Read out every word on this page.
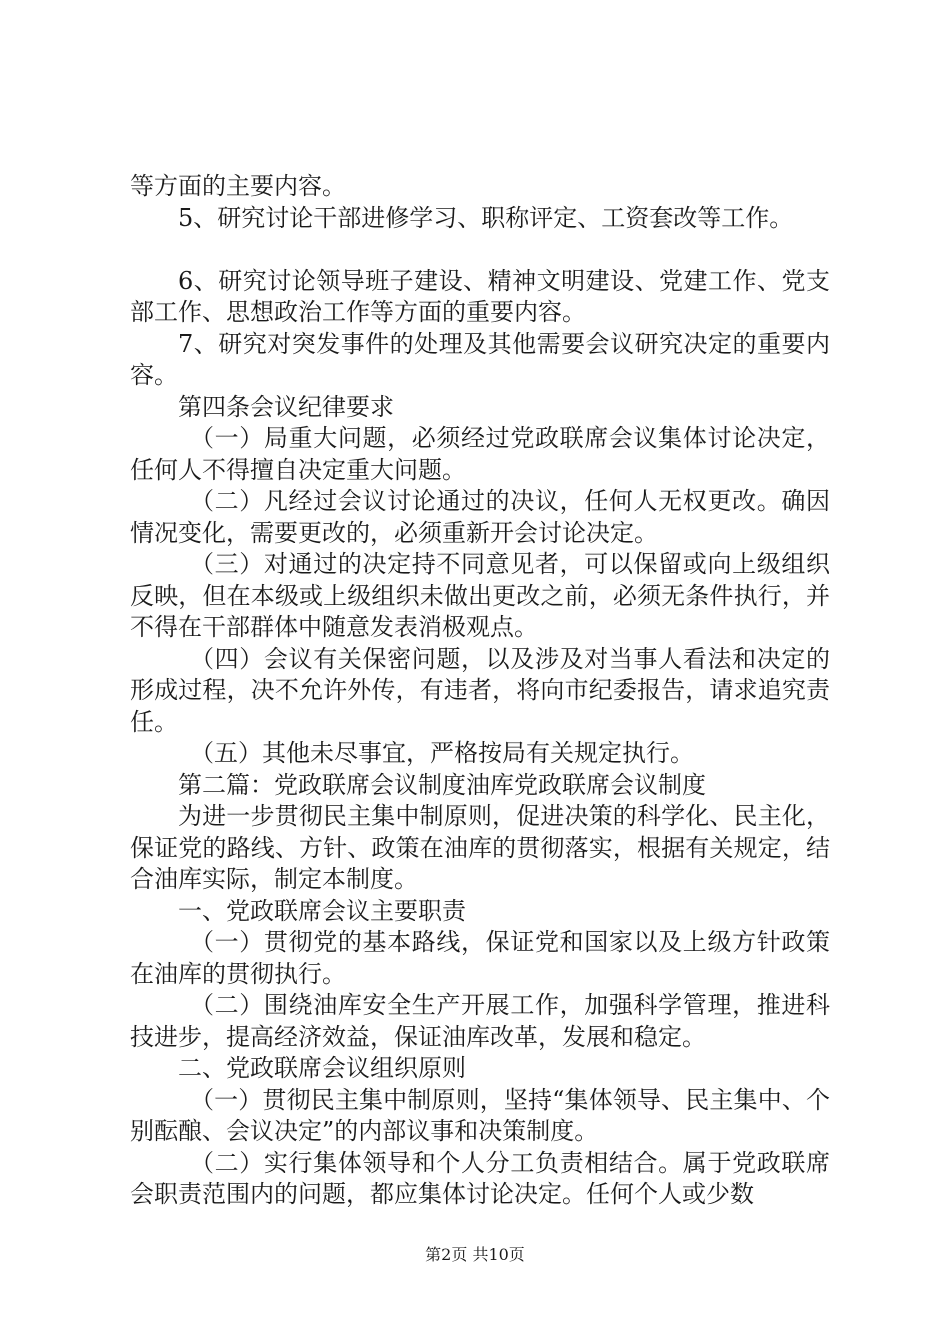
等方面的主要内容。

5、研究讨论干部进修学习、职称评定、工资套改等工作。

6、研究讨论领导班子建设、精神文明建设、党建工作、党支部工作、思想政治工作等方面的重要内容。

7、研究对突发事件的处理及其他需要会议研究决定的重要内容。

第四条会议纪律要求

（一）局重大问题，必须经过党政联席会议集体讨论决定，任何人不得擅自决定重大问题。

（二）凡经过会议讨论通过的决议，任何人无权更改。确因情况变化，需要更改的，必须重新开会讨论决定。

（三）对通过的决定持不同意见者，可以保留或向上级组织反映，但在本级或上级组织未做出更改之前，必须无条件执行，并不得在干部群体中随意发表消极观点。

（四）会议有关保密问题，以及涉及对当事人看法和决定的形成过程，决不允许外传，有违者，将向市纪委报告，请求追究责任。

（五）其他未尽事宜，严格按局有关规定执行。

第二篇：党政联席会议制度油库党政联席会议制度

为进一步贯彻民主集中制原则，促进决策的科学化、民主化，保证党的路线、方针、政策在油库的贯彻落实，根据有关规定，结合油库实际，制定本制度。

一、党政联席会议主要职责

（一）贯彻党的基本路线，保证党和国家以及上级方针政策在油库的贯彻执行。

（二）围绕油库安全生产开展工作，加强科学管理，推进科技进步，提高经济效益，保证油库改革，发展和稳定。

二、党政联席会议组织原则

（一）贯彻民主集中制原则，坚持“集体领导、民主集中、个别酝酿、会议决定”的内部议事和决策制度。

（二）实行集体领导和个人分工负责相结合。属于党政联席会职责范围内的问题，都应集体讨论决定。任何个人或少数

第2页 共10页
